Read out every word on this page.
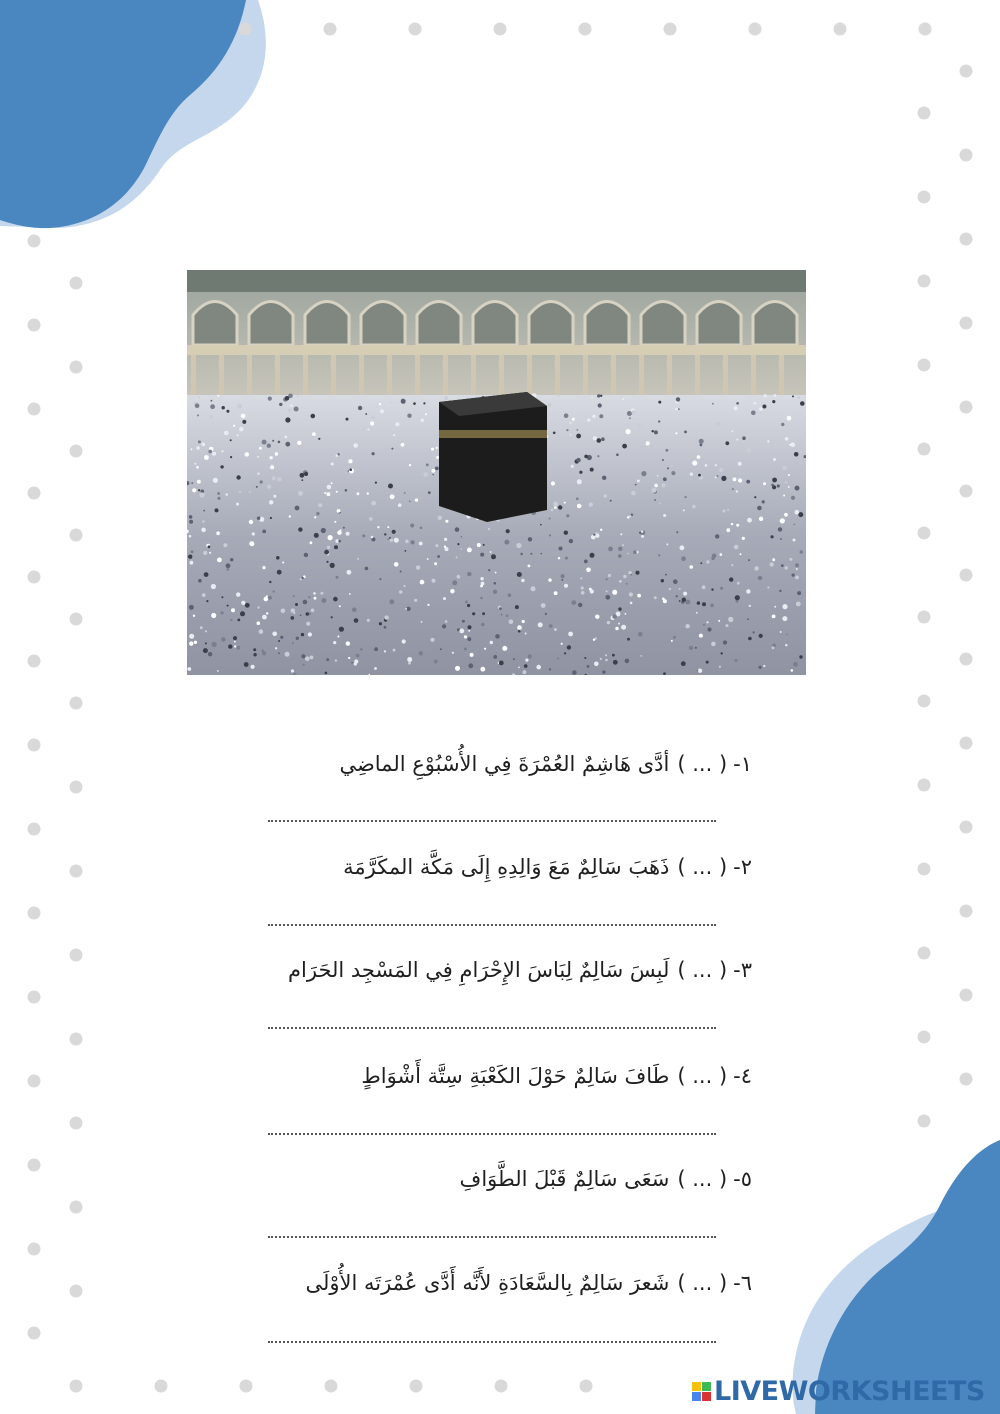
١-( ... )أدَّى هَاشِمٌ العُمْرَةَ فِي الأُسْبُوْعِ الماضِي
٢-( ... )ذَهَبَ سَالِمٌ مَعَ وَالِدِهِ إِلَى مَكَّة المكَرَّمَة
٣-( ... )لَبِسَ سَالِمٌ لِبَاسَ الإِحْرَامِ فِي المَسْجِد الحَرَام
٤-( ... )طَافَ سَالِمٌ حَوْلَ الكَعْبَةِ سِتَّة أَشْوَاطٍ
٥-( ... )سَعَى سَالِمٌ قَبْلَ الطَّوَافِ
٦-( ... )شَعرَ سَالِمٌ بِالسَّعَادَةِ لأَنَّه أَدَّى عُمْرَتَه الأُوْلَى
LIVEWORKSHEETS
